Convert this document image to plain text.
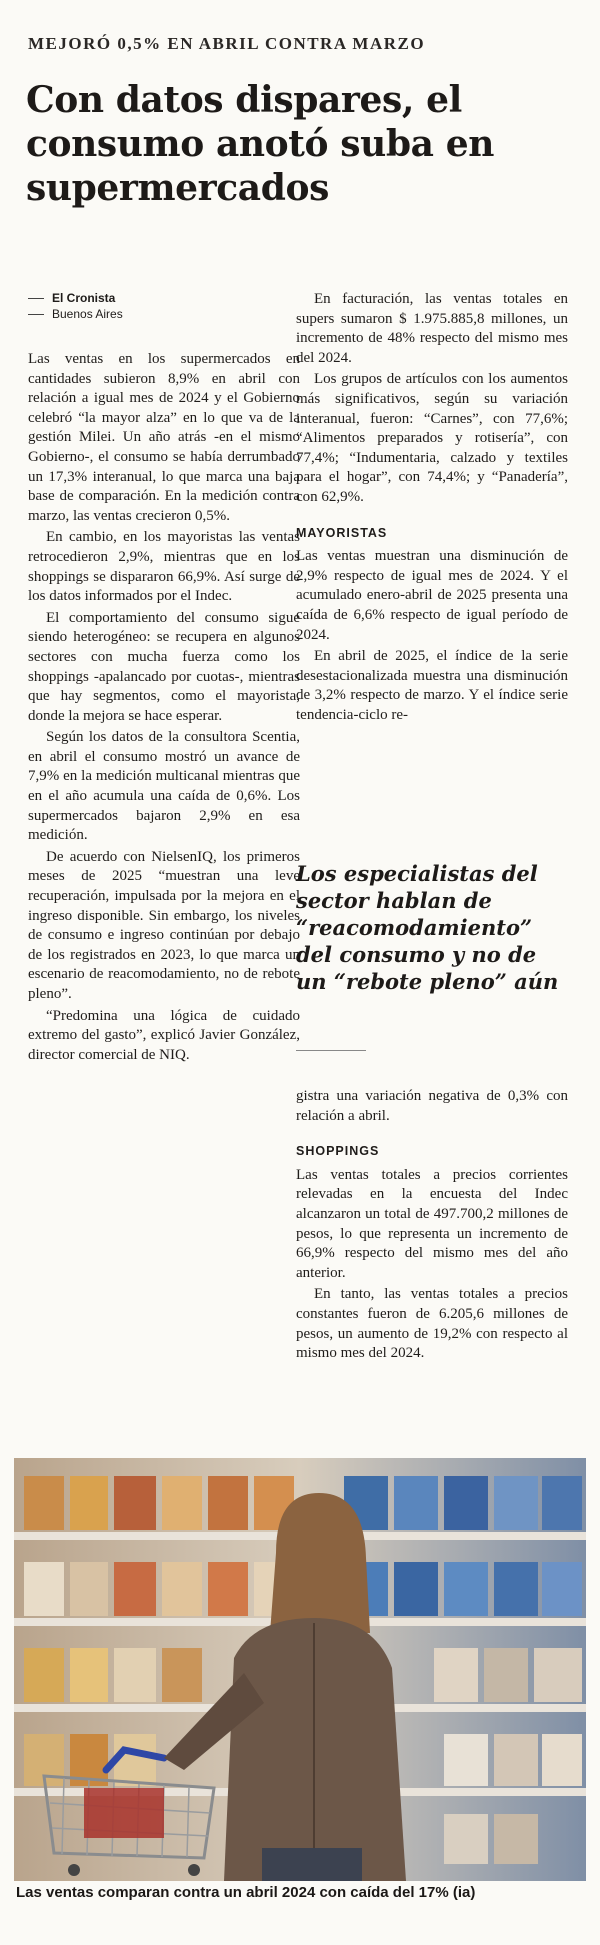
MEJORÓ 0,5% EN ABRIL CONTRA MARZO
Con datos dispares, el consumo anotó suba en supermercados
El Cronista
Buenos Aires

Las ventas en los supermercados en cantidades subieron 8,9% en abril con relación a igual mes de 2024 y el Gobierno celebró “la mayor alza” en lo que va de la gestión Milei. Un año atrás -en el mismo Gobierno-, el consumo se había derrumbado un 17,3% interanual, lo que marca una baja base de comparación. En la medición contra marzo, las ventas crecieron 0,5%.

En cambio, en los mayoristas las ventas retrocedieron 2,9%, mientras que en los shoppings se dispararon 66,9%. Así surge de los datos informados por el Indec.

El comportamiento del consumo sigue siendo heterogéneo: se recupera en algunos sectores con mucha fuerza como los shoppings -apalancado por cuotas-, mientras que hay segmentos, como el mayorista, donde la mejora se hace esperar.

Según los datos de la consultora Scentia, en abril el consumo mostró un avance de 7,9% en la medición multicanal mientras que en el año acumula una caída de 0,6%. Los supermercados bajaron 2,9% en esa medición.

De acuerdo con NielsenIQ, los primeros meses de 2025 “muestran una leve recuperación, impulsada por la mejora en el ingreso disponible. Sin embargo, los niveles de consumo e ingreso continúan por debajo de los registrados en 2023, lo que marca un escenario de reacomodamiento, no de rebote pleno”.

“Predomina una lógica de cuidado extremo del gasto”, explicó Javier González, director comercial de NIQ.

En facturación, las ventas totales en supers sumaron $ 1.975.885,8 millones, un incremento de 48% respecto del mismo mes del 2024.

Los grupos de artículos con los aumentos más significativos, según su variación interanual, fueron: “Carnes”, con 77,6%; “Alimentos preparados y rotisería”, con 77,4%; “Indumentaria, calzado y textiles para el hogar”, con 74,4%; y “Panadería”, con 62,9%.

MAYORISTAS

Las ventas muestran una disminución de 2,9% respecto de igual mes de 2024. Y el acumulado enero-abril de 2025 presenta una caída de 6,6% respecto de igual período de 2024.

En abril de 2025, el índice de la serie desestacionalizada muestra una disminución de 3,2% respecto de marzo. Y el índice serie tendencia-ciclo re-

Los especialistas del sector hablan de “reacomodamiento” del consumo y no de un “rebote pleno” aún

gistra una variación negativa de 0,3% con relación a abril.

SHOPPINGS

Las ventas totales a precios corrientes relevadas en la encuesta del Indec alcanzaron un total de 497.700,2 millones de pesos, lo que representa un incremento de 66,9% respecto del mismo mes del año anterior.

En tanto, las ventas totales a precios constantes fueron de 6.205,6 millones de pesos, un aumento de 19,2% con respecto al mismo mes del 2024.

Las ventas comparan contra un abril 2024 con caída del 17% (ia)
